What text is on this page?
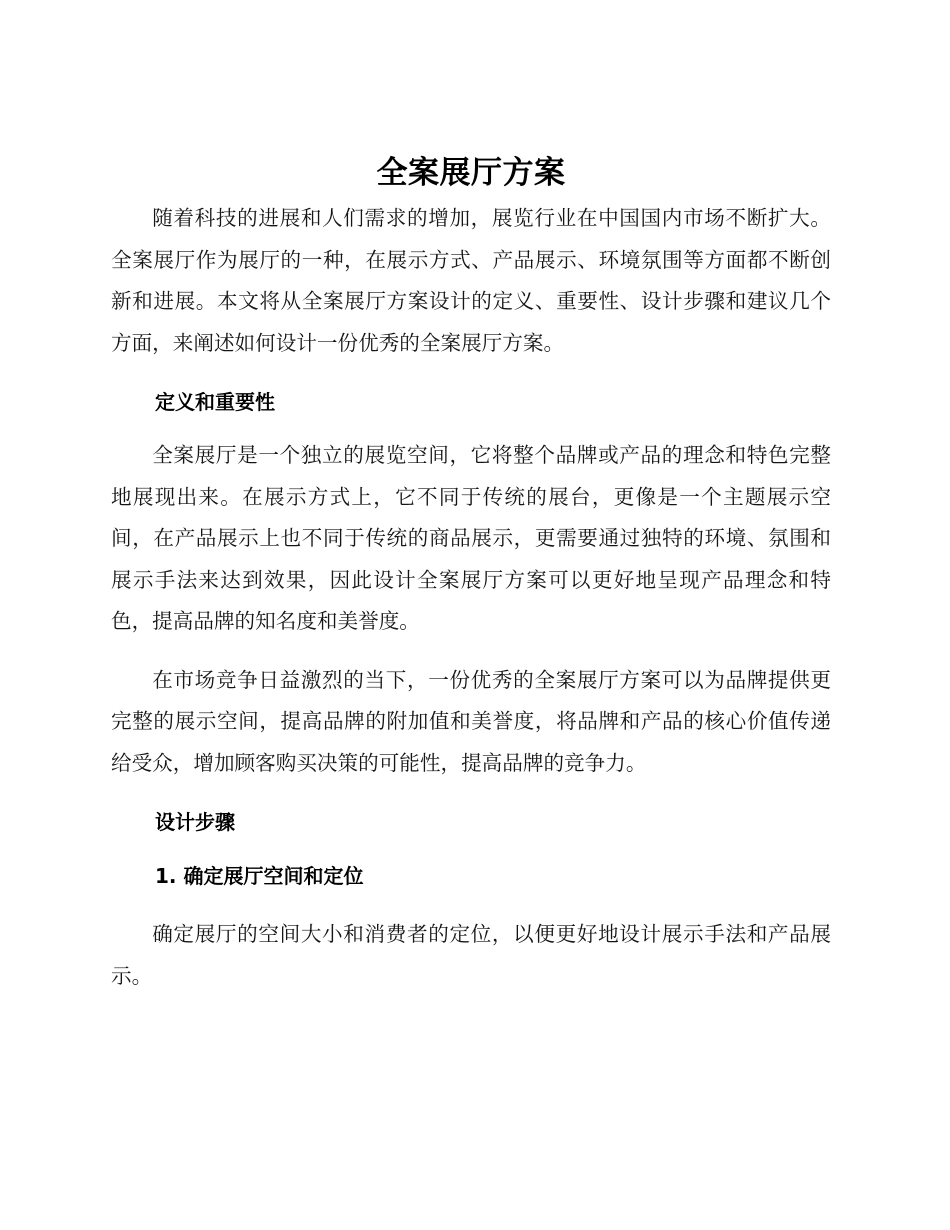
全案展厅方案

随着科技的进展和人们需求的增加，展览行业在中国国内市场不断扩大。全案展厅作为展厅的一种，在展示方式、产品展示、环境氛围等方面都不断创新和进展。本文将从全案展厅方案设计的定义、重要性、设计步骤和建议几个方面，来阐述如何设计一份优秀的全案展厅方案。

定义和重要性

全案展厅是一个独立的展览空间，它将整个品牌或产品的理念和特色完整地展现出来。在展示方式上，它不同于传统的展台，更像是一个主题展示空间，在产品展示上也不同于传统的商品展示，更需要通过独特的环境、氛围和展示手法来达到效果，因此设计全案展厅方案可以更好地呈现产品理念和特色，提高品牌的知名度和美誉度。

在市场竞争日益激烈的当下，一份优秀的全案展厅方案可以为品牌提供更完整的展示空间，提高品牌的附加值和美誉度，将品牌和产品的核心价值传递给受众，增加顾客购买决策的可能性，提高品牌的竞争力。

设计步骤
1. 确定展厅空间和定位

确定展厅的空间大小和消费者的定位，以便更好地设计展示手法和产品展示。
